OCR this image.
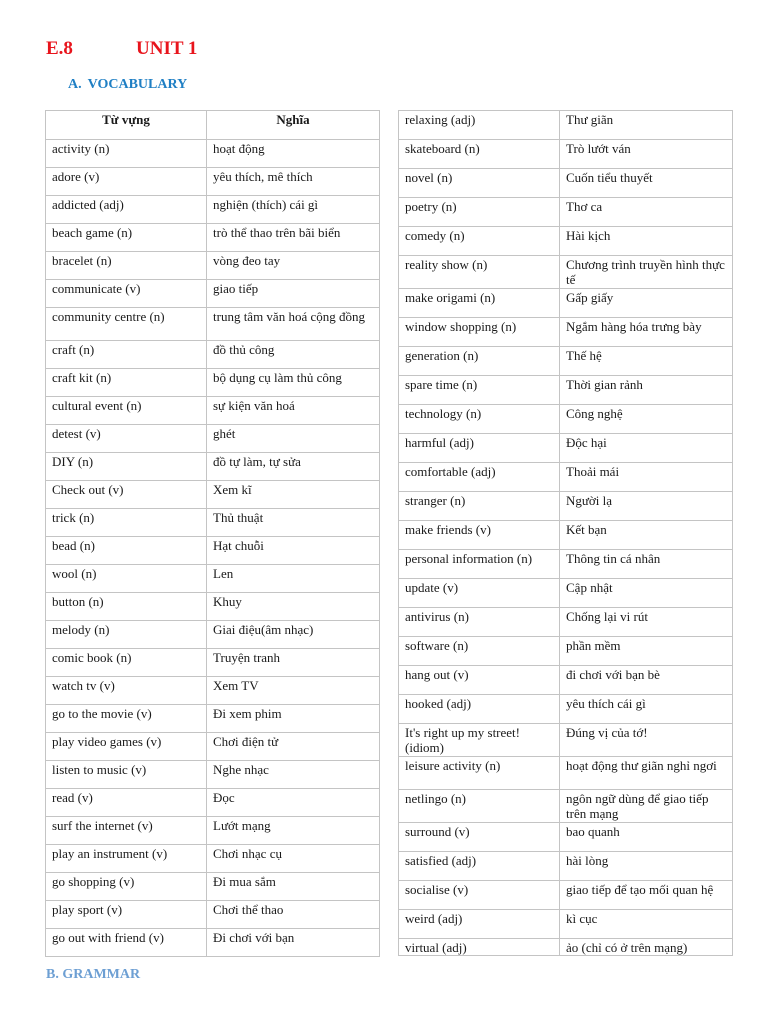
E.8	UNIT 1
A. VOCABULARY
Từ vựng	Nghĩa
activity (n)	hoạt động
adore (v)	yêu thích, mê thích
addicted (adj)	nghiện (thích) cái gì
beach game (n)	trò thể thao trên bãi biển
bracelet (n)	vòng đeo tay
communicate (v)	giao tiếp
community centre (n)	trung tâm văn hoá cộng đồng
craft (n)	đồ thủ công
craft kit (n)	bộ dụng cụ làm thủ công
cultural event (n)	sự kiện văn hoá
detest (v)	ghét
DIY (n)	đồ tự làm, tự sửa
Check out (v)	Xem kĩ
trick (n)	Thủ thuật
bead (n)	Hạt chuỗi
wool (n)	Len
button (n)	Khuy
melody (n)	Giai điệu(âm nhạc)
comic book (n)	Truyện tranh
watch tv (v)	Xem TV
go to the movie (v)	Đi xem phim
play video games (v)	Chơi điện tử
listen to music (v)	Nghe nhạc
read (v)	Đọc
surf the internet (v)	Lướt mạng
play an instrument (v)	Chơi nhạc cụ
go shopping (v)	Đi mua sắm
play sport (v)	Chơi thể thao
go out with friend (v)	Đi chơi với bạn
relaxing (adj)	Thư giãn
skateboard (n)	Trò lướt ván
novel (n)	Cuốn tiểu thuyết
poetry (n)	Thơ ca
comedy (n)	Hài kịch
reality show (n)	Chương trình truyền hình thực tế
make origami (n)	Gấp giấy
window shopping (n)	Ngắm hàng hóa trưng bày
generation (n)	Thế hệ
spare time (n)	Thời gian rảnh
technology (n)	Công nghệ
harmful (adj)	Độc hại
comfortable (adj)	Thoải mái
stranger (n)	Người lạ
make friends (v)	Kết bạn
personal information (n)	Thông tin cá nhân
update (v)	Cập nhật
antivirus (n)	Chống lại vi rút
software (n)	phần mềm
hang out (v)	đi chơi với bạn bè
hooked (adj)	yêu thích cái gì
It's right up my street! (idiom)	Đúng vị của tớ!
leisure activity (n)	hoạt động thư giãn nghỉ ngơi
netlingo (n)	ngôn ngữ dùng để giao tiếp trên mạng
surround (v)	bao quanh
satisfied (adj)	hài lòng
socialise (v)	giao tiếp để tạo mối quan hệ
weird (adj)	kì cục
virtual (adj)	ảo (chỉ có ở trên mạng)
B. GRAMMAR
